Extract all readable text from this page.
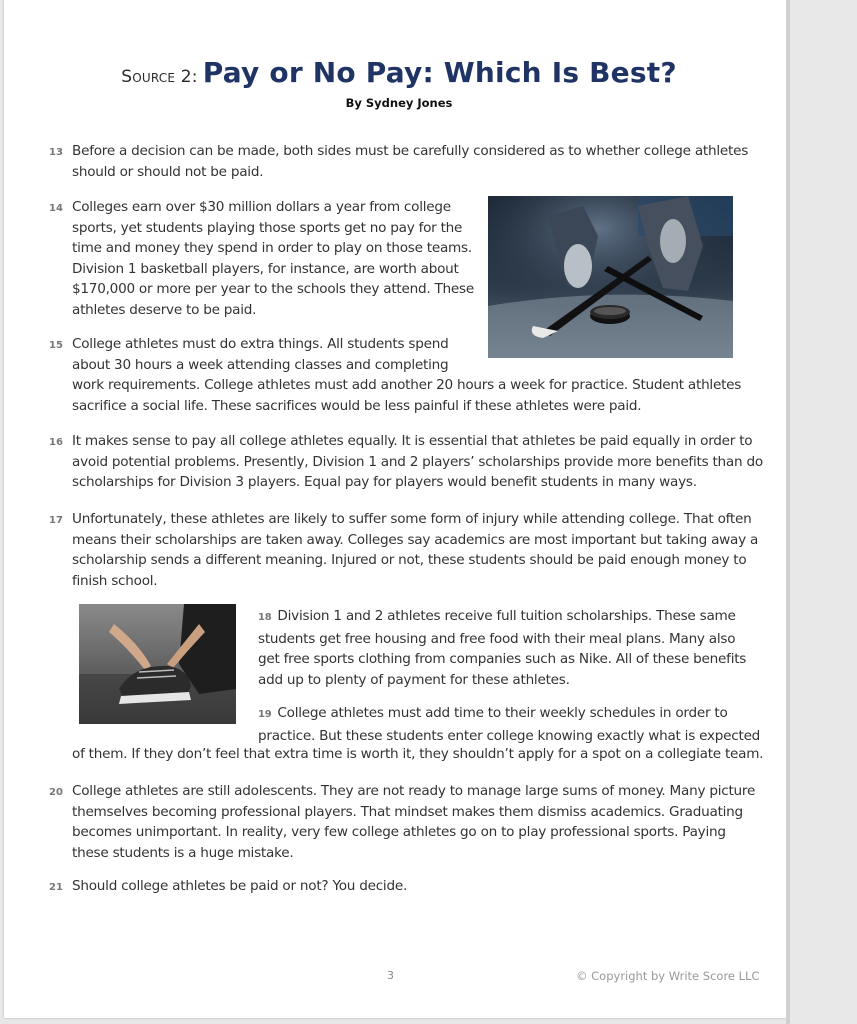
Source 2: Pay or No Pay: Which Is Best?
By Sydney Jones
13 Before a decision can be made, both sides must be carefully considered as to whether college athletes
should or should not be paid.
14 Colleges earn over $30 million dollars a year from college
sports, yet students playing those sports get no pay for the
time and money they spend in order to play on those teams.
Division 1 basketball players, for instance, are worth about
$170,000 or more per year to the schools they attend. These
athletes deserve to be paid.
15 College athletes must do extra things. All students spend
about 30 hours a week attending classes and completing
work requirements. College athletes must add another 20 hours a week for practice. Student athletes
sacrifice a social life. These sacrifices would be less painful if these athletes were paid.
16 It makes sense to pay all college athletes equally. It is essential that athletes be paid equally in order to
avoid potential problems. Presently, Division 1 and 2 players’ scholarships provide more benefits than do
scholarships for Division 3 players. Equal pay for players would benefit students in many ways.
17 Unfortunately, these athletes are likely to suffer some form of injury while attending college. That often
means their scholarships are taken away. Colleges say academics are most important but taking away a
scholarship sends a different meaning. Injured or not, these students should be paid enough money to
finish school.
18 Division 1 and 2 athletes receive full tuition scholarships. These same
students get free housing and free food with their meal plans. Many also
get free sports clothing from companies such as Nike. All of these benefits
add up to plenty of payment for these athletes.
19 College athletes must add time to their weekly schedules in order to
practice. But these students enter college knowing exactly what is expected
of them. If they don’t feel that extra time is worth it, they shouldn’t apply for a spot on a collegiate team.
20 College athletes are still adolescents. They are not ready to manage large sums of money. Many picture
themselves becoming professional players. That mindset makes them dismiss academics. Graduating
becomes unimportant. In reality, very few college athletes go on to play professional sports. Paying
these students is a huge mistake.
21 Should college athletes be paid or not? You decide.
3	© Copyright by Write Score LLC
